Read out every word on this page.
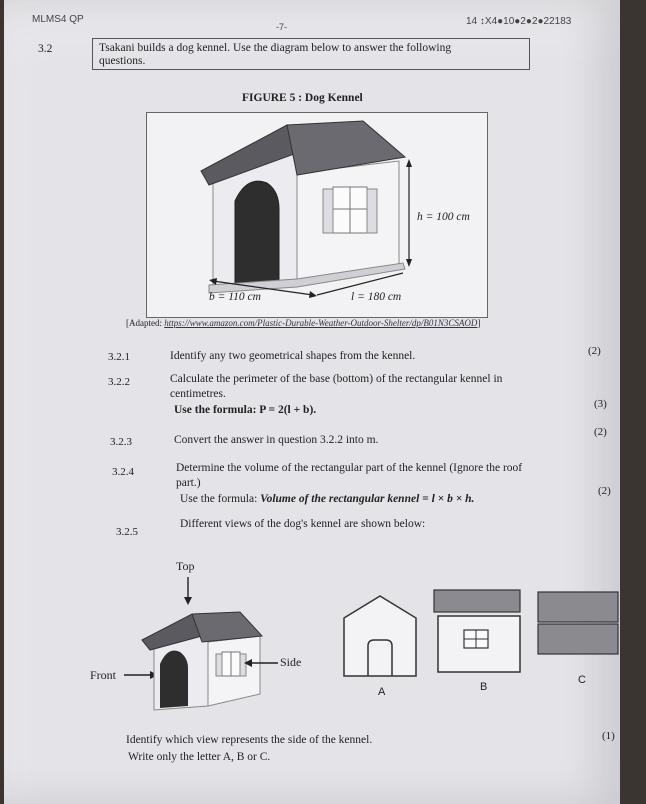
MLMS4 QP
-7-	14 ↕X4●10●2●2●22183
3.2	Tsakani builds a dog kennel. Use the diagram below to answer the following
questions.
FIGURE 5 : Dog Kennel
h = 100 cm
b = 110 cm	l = 180 cm
[Adapted: https://www.amazon.com/Plastic-Durable-Weather-Outdoor-Shelter/dp/B01N3CSAOD]
3.2.1	Identify any two geometrical shapes from the kennel.	(2)
3.2.2	Calculate the perimeter of the base (bottom) of the rectangular kennel in
centimetres.
Use the formula: P = 2(l + b).	(3)
3.2.3	Convert the answer in question 3.2.2 into m.
(2)
3.2.4	Determine the volume of the rectangular part of the kennel (Ignore the roof
part.)
Use the formula: Volume of the rectangular kennel = l × b × h.
(2)
3.2.5
Different views of the dog's kennel are shown below:
Top
Front
Side
A	B
C
Identify which view represents the side of the kennel.
Write only the letter A, B or C.
(1)
